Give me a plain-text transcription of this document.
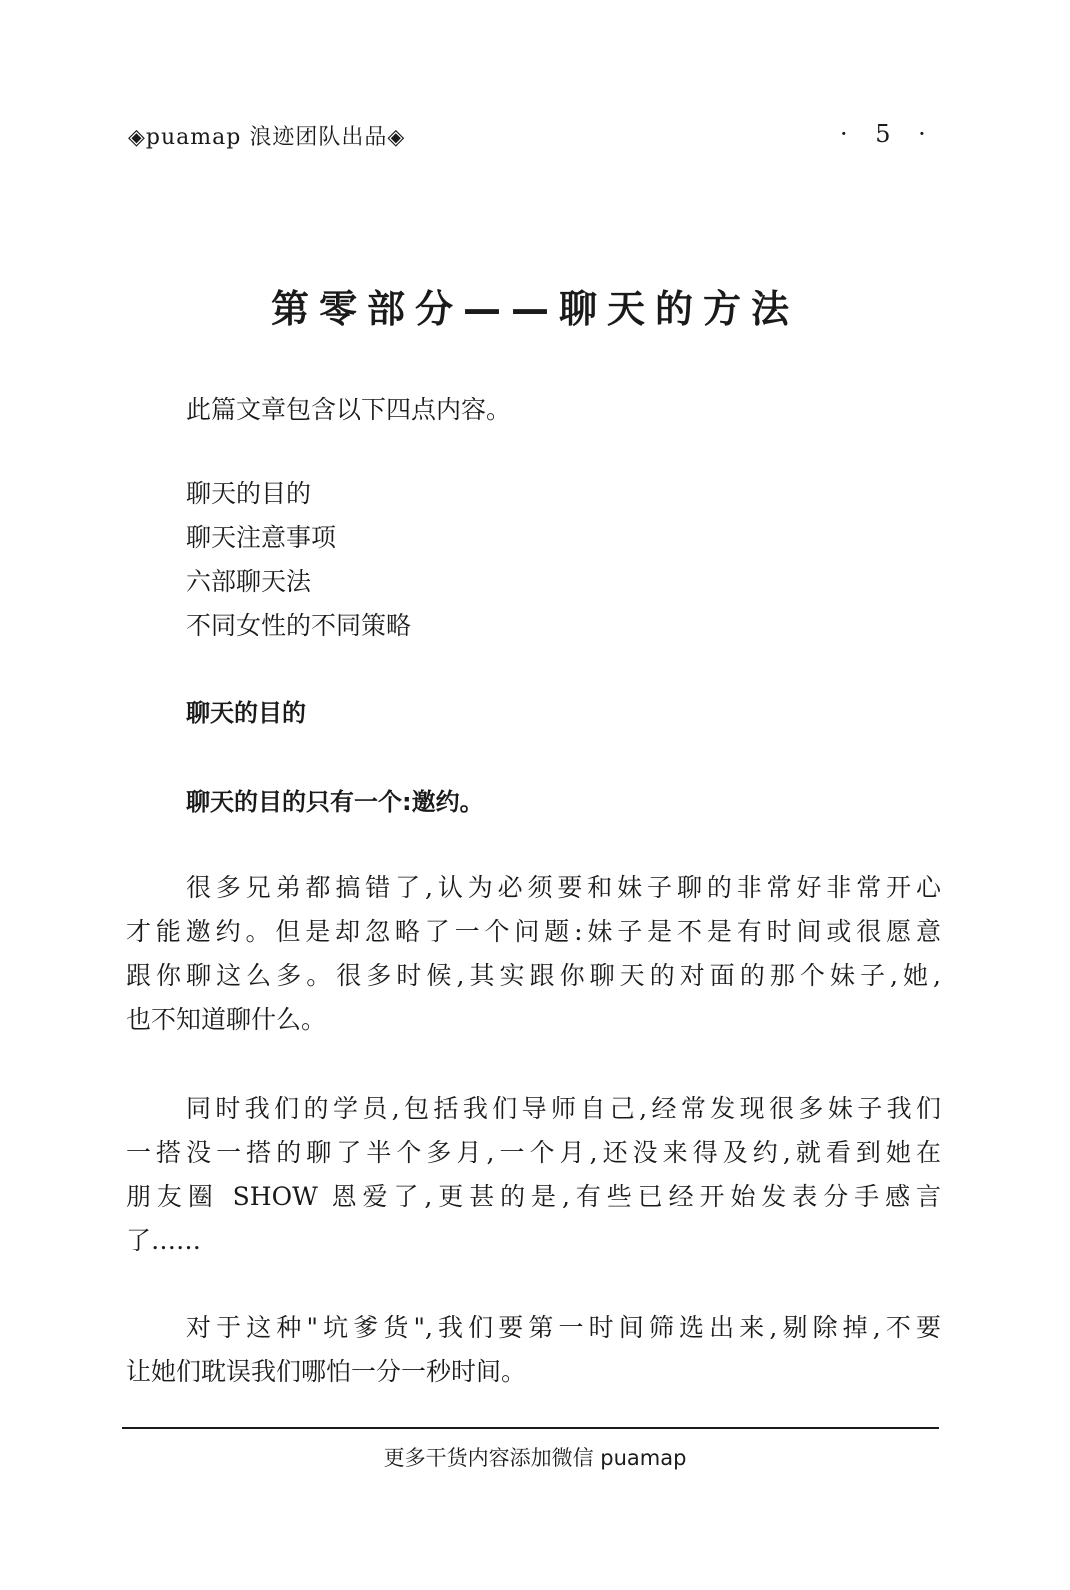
◈puamap 浪迹团队出品◈	· 5 ·
第零部分——聊天的方法
此篇文章包含以下四点内容。
聊天的目的
聊天注意事项
六部聊天法
不同女性的不同策略
聊天的目的
聊天的目的只有一个:邀约。
很多兄弟都搞错了,认为必须要和妹子聊的非常好非常开心
才能邀约。但是却忽略了一个问题:妹子是不是有时间或很愿意
跟你聊这么多。很多时候,其实跟你聊天的对面的那个妹子,她,
也不知道聊什么。
同时我们的学员,包括我们导师自己,经常发现很多妹子我们
一搭没一搭的聊了半个多月,一个月,还没来得及约,就看到她在
朋友圈 SHOW 恩爱了,更甚的是,有些已经开始发表分手感言
了……
对于这种"坑爹货",我们要第一时间筛选出来,剔除掉,不要
让她们耽误我们哪怕一分一秒时间。
更多干货内容添加微信 puamap
